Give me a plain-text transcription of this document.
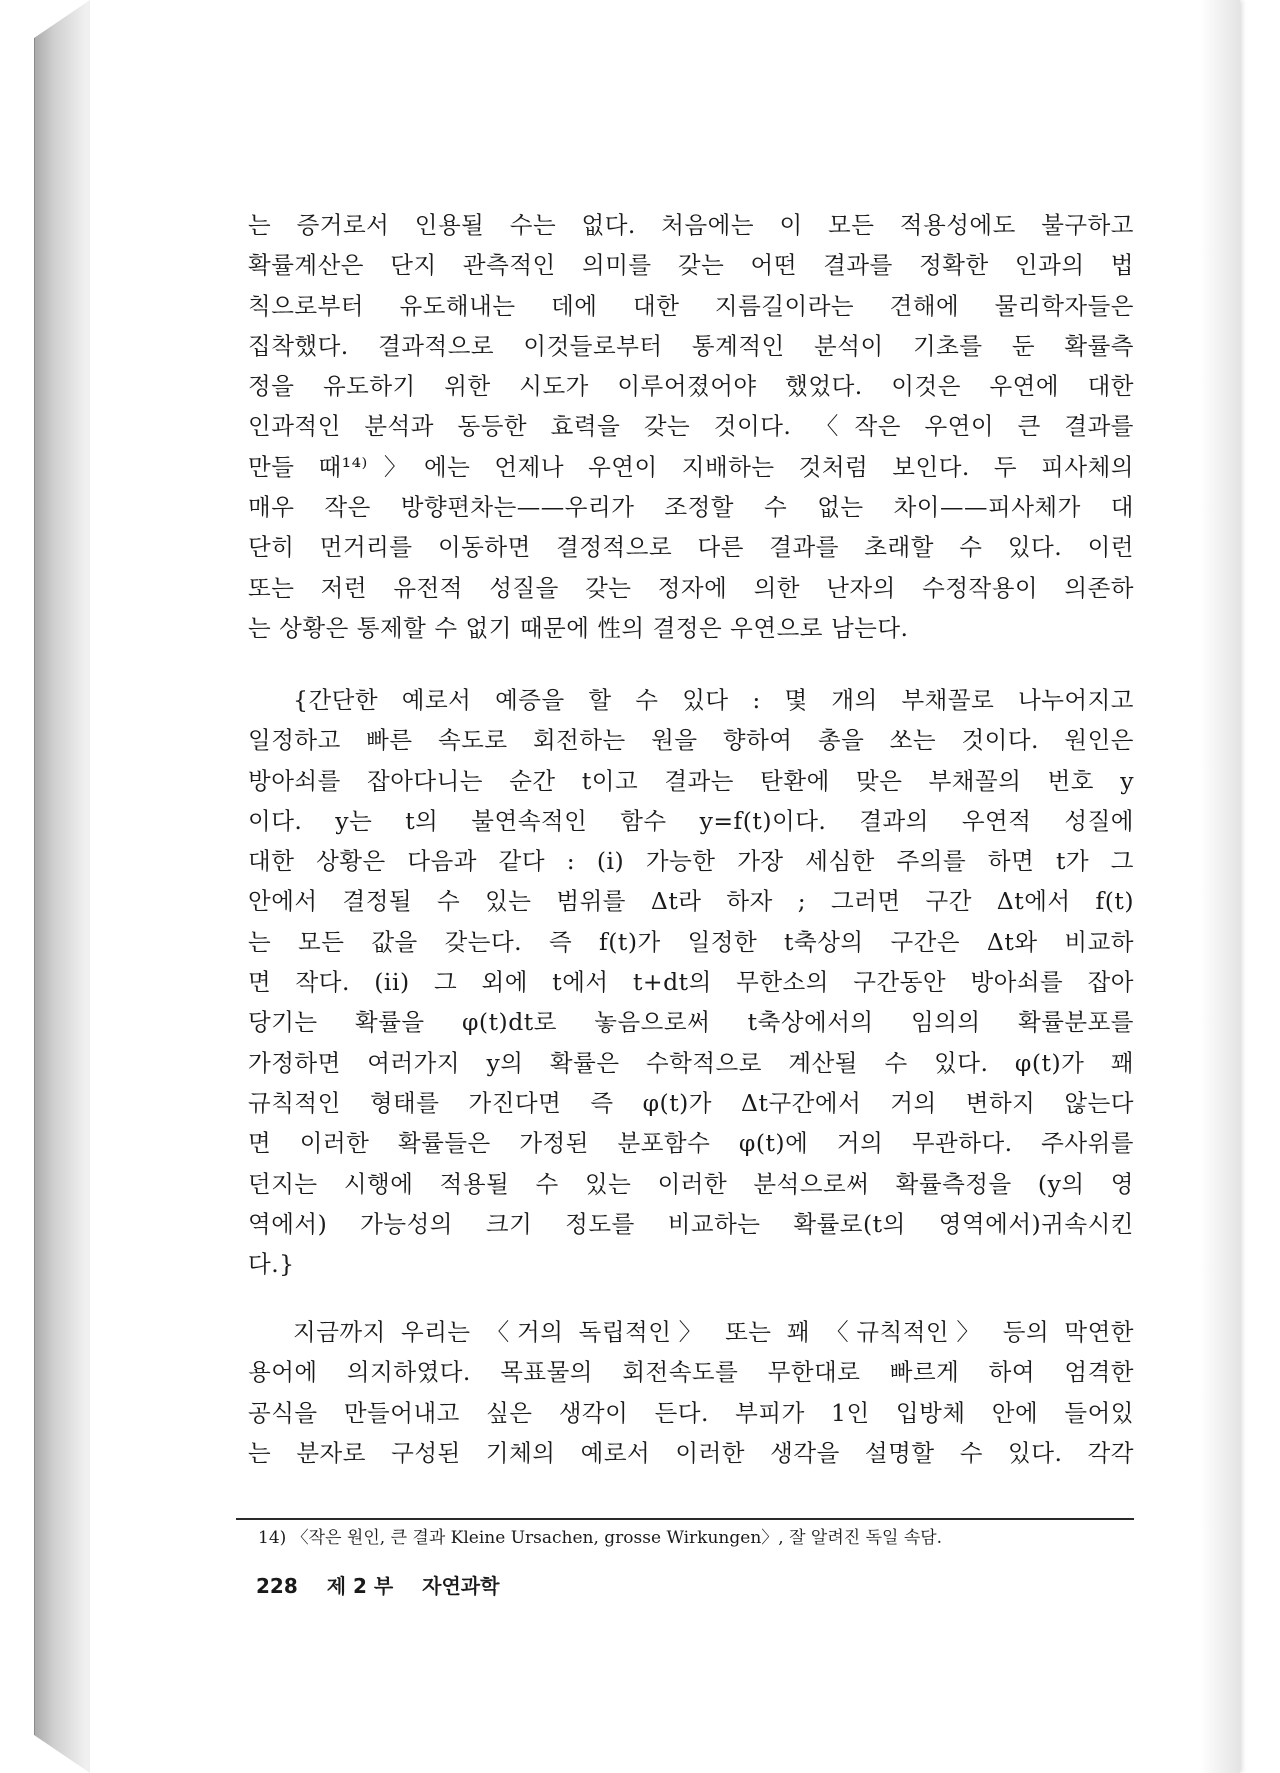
는 증거로서 인용될 수는 없다. 처음에는 이 모든 적용성에도 불구하고
확률계산은 단지 관측적인 의미를 갖는 어떤 결과를 정확한 인과의 법
칙으로부터 유도해내는 데에 대한 지름길이라는 견해에 물리학자들은
집착했다. 결과적으로 이것들로부터 통계적인 분석이 기초를 둔 확률측
정을 유도하기 위한 시도가 이루어졌어야 했었다. 이것은 우연에 대한
인과적인 분석과 동등한 효력을 갖는 것이다. 〈작은 우연이 큰 결과를
만들 때¹⁴⁾〉에는 언제나 우연이 지배하는 것처럼 보인다. 두 피사체의
매우 작은 방향편차는——우리가 조정할 수 없는 차이——피사체가 대
단히 먼거리를 이동하면 결정적으로 다른 결과를 초래할 수 있다. 이런
또는 저런 유전적 성질을 갖는 정자에 의한 난자의 수정작용이 의존하
는 상황은 통제할 수 없기 때문에 性의 결정은 우연으로 남는다.
{간단한 예로서 예증을 할 수 있다 : 몇 개의 부채꼴로 나누어지고
일정하고 빠른 속도로 회전하는 원을 향하여 총을 쏘는 것이다. 원인은
방아쇠를 잡아다니는 순간 t이고 결과는 탄환에 맞은 부채꼴의 번호 y
이다. y는 t의 불연속적인 함수 y=f(t)이다. 결과의 우연적 성질에
대한 상황은 다음과 같다 : (i) 가능한 가장 세심한 주의를 하면 t가 그
안에서 결정될 수 있는 범위를 Δt라 하자 ; 그러면 구간 Δt에서 f(t)
는 모든 값을 갖는다. 즉 f(t)가 일정한 t축상의 구간은 Δt와 비교하
면 작다. (ii) 그 외에 t에서 t+dt의 무한소의 구간동안 방아쇠를 잡아
당기는 확률을 φ(t)dt로 놓음으로써 t축상에서의 임의의 확률분포를
가정하면 여러가지 y의 확률은 수학적으로 계산될 수 있다. φ(t)가 꽤
규칙적인 형태를 가진다면 즉 φ(t)가 Δt구간에서 거의 변하지 않는다
면 이러한 확률들은 가정된 분포함수 φ(t)에 거의 무관하다. 주사위를
던지는 시행에 적용될 수 있는 이러한 분석으로써 확률측정을 (y의 영
역에서) 가능성의 크기 정도를 비교하는 확률로(t의 영역에서)귀속시킨
다.}
지금까지 우리는 〈거의 독립적인〉 또는 꽤 〈규칙적인〉 등의 막연한
용어에 의지하였다. 목표물의 회전속도를 무한대로 빠르게 하여 엄격한
공식을 만들어내고 싶은 생각이 든다. 부피가 1인 입방체 안에 들어있
는 분자로 구성된 기체의 예로서 이러한 생각을 설명할 수 있다. 각각
14) 〈작은 원인, 큰 결과 Kleine Ursachen, grosse Wirkungen〉, 잘 알려진 독일 속담.
228 제 2 부 자연과학
